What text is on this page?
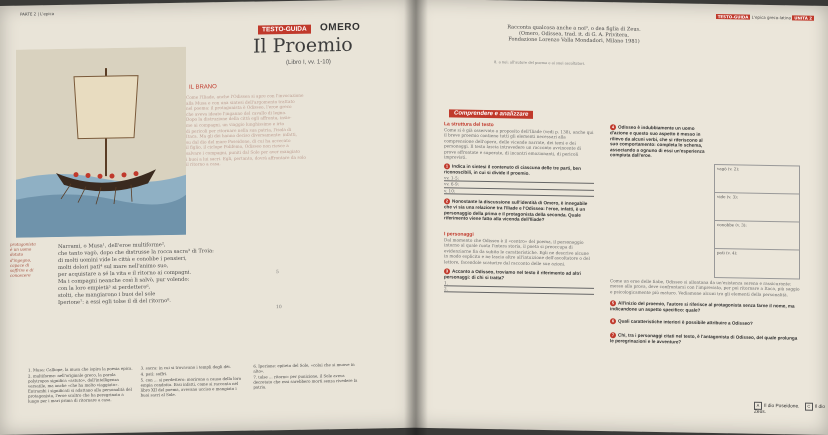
PARTE 2 | L'epica
TESTO-GUIDA	OMERO
Il Proemio
(Libro I, vv. 1-10)
IL BRANO

Come l'Iliade, anche l'Odissea si apre con l'invocazione

alla Musa e con una sintesi dell'argomento trattato

nel poema: il protagonista è Odisseo, l'eroe greco

che aveva ideato l'inganno del cavallo di legno.

Dopo la distruzione della città egli affronta, insie-

me ai compagni, un viaggio lunghissimo e irto

di pericoli per ritornare nella sua patria, l'isola di

Itaca. Ma gli dèi hanno deciso diversamente: infatti,

su dal dio del mare Poseidone, di cui ha accecato

il figlio, il ciclope Polifemo, Odisseo non riesce a

salvare i compagni, puniti dal Sole per aver mangiato

i buoi a lui sacri. Egli, pertanto, dovrà affrontare da solo

il ritorno a casa.

protagonista
è un uomo
dotato
d'ingegno,
capace di
soffrire e di
conoscere
Narrami, o Musa¹, dell'eroe multiforme²,
che tanto vagò, dopo che distrusse la rocca sacra³ di Troia:
di molti uomini vide le città e conobbe i pensieri,
molti dolori patì⁴ sul mare nell'animo suo,
per acquistare a sé la vita e il ritorno ai compagni.
Ma i compagni neanche così li salvò, pur volendo:
con la loro empietà⁵ si perdettero⁶,
stolti, che mangiarono i buoi del sole
Iperione⁷: a essi egli tolse il dì del ritorno⁸.
5
10

1. Musa: Calliope, la musa che ispira la poesia epica.

2. multiforme: nell'originale greco, la parola polytropos significa «astuto», dall'intelligenza versatile, ma anche «che ha molto viaggiato». Entrambi i significati si adattano alla personalità del protagonista, l'eroe scaltro che ha peregrinato a lungo per i mari prima di ritornare a casa.

3. sacra: in cui si trovavano i templi degli dèi.

4. patì: soffrì.

5. con ... si perdettero: morirono a causa della loro empia condotta. Essi infatti, come si racconta nel libro XII del poema, avevano ucciso e mangiato i buoi sacri al Sole.

6. Iperione: epiteto del Sole, «colui che si muove in alto».

7. tolse ... ritorno: per punizione, il Sole aveva decretato che essi sarebbero morti senza rivedere la patria.

TESTO-GUIDA L'epica greco-latina UNITÀ 2
Racconta qualcosa anche a noi⁹, o dea figlia di Zeus.
(Omero, Odissea, trad. it. di G. A. Privitera,
Fondazione Lorenzo Valla Mondadori, Milano 1981)
8. a noi: all'autore del poema e ai suoi ascoltatori.
Comprendere e analizzare
La struttura del testo
Come si è già osservato a proposito dell'Iliade (vedi p. 138), anche qui il breve proemio contiene tutti gli elementi necessari alla comprensione dell'opera, delle vicende narrate, dei temi e dei personaggi. Il testo lascia intravedere un racconto avvincente di prove affrontate e superate, di incontri emozionanti, di pericoli imprevisti.
1 Indica in sintesi il contenuto di ciascuna delle tre parti, ben riconoscibili, in cui si divide il proemio.
vv. 1-5:
vv. 6-9:
v. 10:
2 Nonostante la discussione sull'identità di Omero, è innegabile che vi sia una relazione tra l'Iliade e l'Odissea: l'eroe, infatti, è un personaggio della prima e il protagonista della seconda. Quale riferimento viene fatto alla vicenda dell'Iliade?
I personaggi
Dal momento che Odisseo è il «centro» del poema, il personaggio intorno al quale ruota l'intera storia, il poeta si preoccupa di evidenziarne fin da subito le caratteristiche. Egli ne descrive alcune in modo esplicito e ne lascia altre all'intuizione dell'ascoltatore o del lettore, facendole scaturire dal racconto delle sue azioni.
3 Accanto a Odisseo, troviamo nel testo il riferimento ad altri personaggi: di chi si tratta?
1.
2.
4 Odisseo è indubbiamente un uomo d'azione e questo suo aspetto è messo in rilievo da alcuni verbi, che si riferiscono al suo comportamento: completa lo schema, associando a ognuno di essi un'esperienza compiuta dall'eroe.
vagò (v. 2):
vide (v. 3):
conobbe (v. 3):
patì (v. 4):
Come un eroe delle fiabe, Odisseo si allontana da un'esistenza serena e rassicurante: messo alla prova, deve confrontarsi con l'imprevisto, per poi ritornare a Itaca, più saggio e psicologicamente più maturo. Vediamone alcuni tra gli elementi della personalità.
5 All'inizio del proemio, l'autore si riferisce al protagonista senza farne il nome, ma indicandone un aspetto specifico: quale?
6 Quali caratteristiche interiori è possibile attribuire a Odisseo?
7 Chi, tra i personaggi citati nel testo, è l'antagonista di Odisseo, del quale prolunga le peregrinazioni e le avventure?
A Il dio Poseidone. C Il dio Zeus.
